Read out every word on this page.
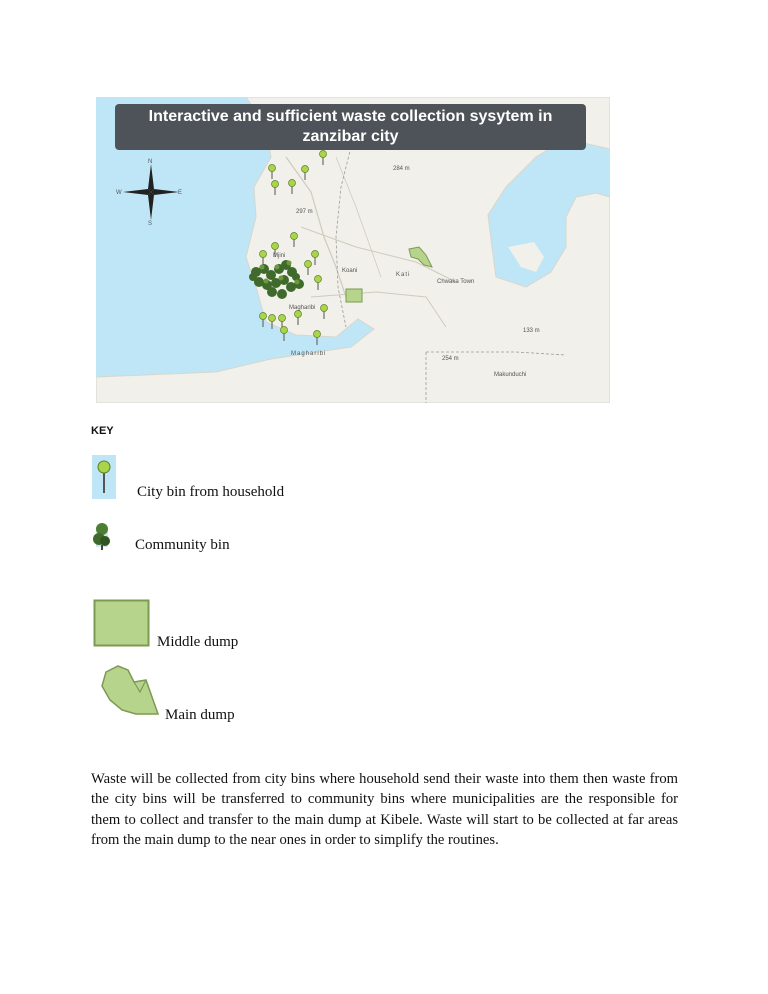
N
S
W	E
284 m
297 m
133 m
254 m
Mjini
Koani
Kati
Chwaka Town
Magharibi
Magharibi
Makunduchi
Interactive and sufficient waste collection sysytem in
zanzibar city
KEY
City bin from household
Community bin
Middle dump
Main dump

Waste will be collected from city bins where household send their waste into them then waste from the city bins will be transferred to community bins where municipalities are the responsible for them to collect and transfer to the main dump at Kibele. Waste will start to be collected at far areas from the main dump to the near ones in order to simplify the routines.
